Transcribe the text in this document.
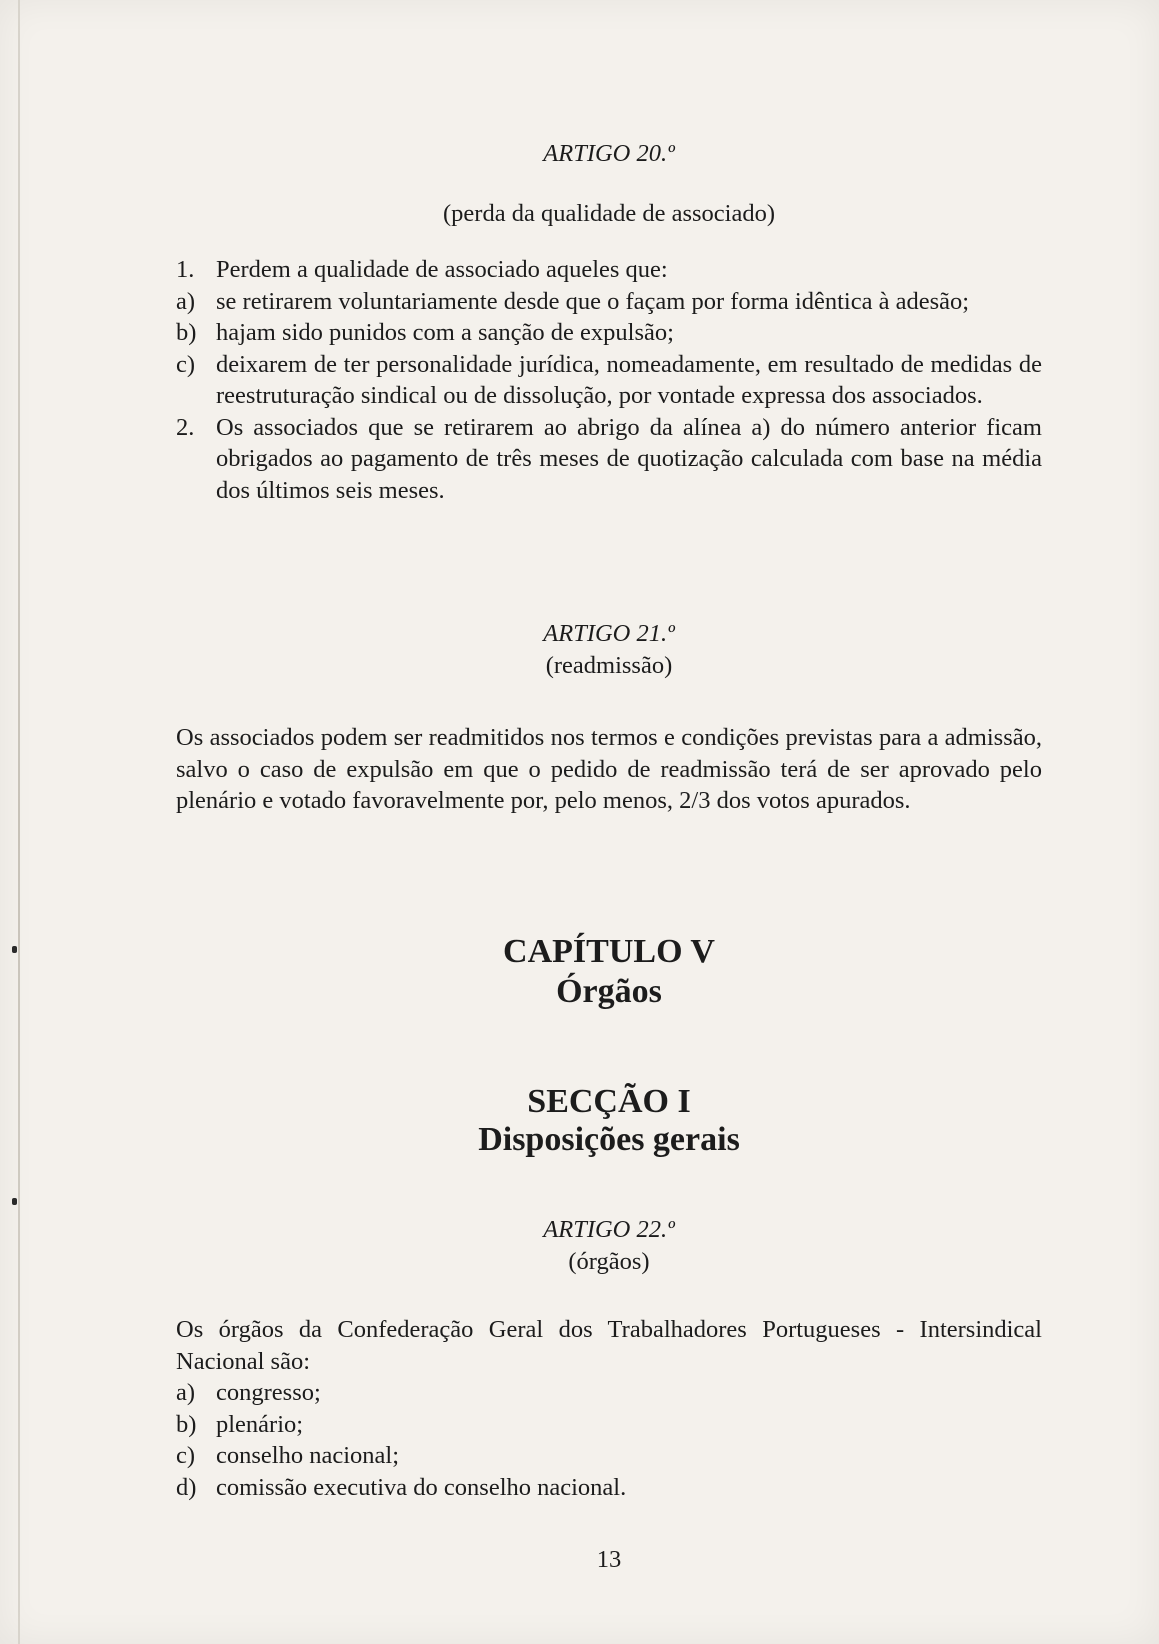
ARTIGO 20.º
(perda da qualidade de associado)
1. Perdem a qualidade de associado aqueles que:
a) se retirarem voluntariamente desde que o façam por forma idêntica à adesão;
b) hajam sido punidos com a sanção de expulsão;
c) deixarem de ter personalidade jurídica, nomeadamente, em resultado de medidas de reestruturação sindical ou de dissolução, por vontade expressa dos associados.
2. Os associados que se retirarem ao abrigo da alínea a) do número anterior ficam obrigados ao pagamento de três meses de quotização calculada com base na média dos últimos seis meses.
ARTIGO 21.º
(readmissão)

Os associados podem ser readmitidos nos termos e condições previstas para a admissão, salvo o caso de expulsão em que o pedido de readmissão terá de ser aprovado pelo plenário e votado favoravelmente por, pelo menos, 2/3 dos votos apurados.

CAPÍTULO V
Órgãos
SECÇÃO I
Disposições gerais
ARTIGO 22.º
(órgãos)

Os órgãos da Confederação Geral dos Trabalhadores Portugueses - Intersindical Nacional são:

a) congresso;
b) plenário;
c) conselho nacional;
d) comissão executiva do conselho nacional.
13
